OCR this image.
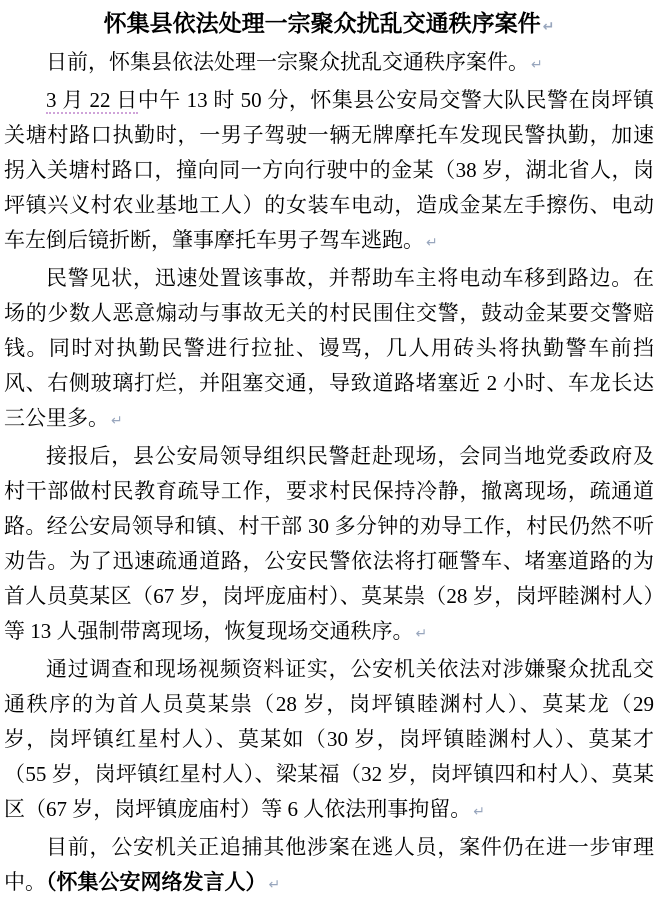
怀集县依法处理一宗聚众扰乱交通秩序案件 ↵

日前，怀集县依法处理一宗聚众扰乱交通秩序案件。 ↵

3 月 22 日中午 13 时 50 分，怀集县公安局交警大队民警在岗坪镇关塘村路口执勤时，一男子驾驶一辆无牌摩托车发现民警执勤，加速拐入关塘村路口，撞向同一方向行驶中的金某（38 岁，湖北省人，岗坪镇兴义村农业基地工人）的女装车电动，造成金某左手擦伤、电动车左倒后镜折断，肇事摩托车男子驾车逃跑。 ↵

民警见状，迅速处置该事故，并帮助车主将电动车移到路边。在场的少数人恶意煽动与事故无关的村民围住交警，鼓动金某要交警赔钱。同时对执勤民警进行拉扯、谩骂，几人用砖头将执勤警车前挡风、右侧玻璃打烂，并阻塞交通，导致道路堵塞近 2 小时、车龙长达三公里多。 ↵

接报后，县公安局领导组织民警赶赴现场，会同当地党委政府及村干部做村民教育疏导工作，要求村民保持冷静，撤离现场，疏通道路。经公安局领导和镇、村干部 30 多分钟的劝导工作，村民仍然不听劝告。为了迅速疏通道路，公安民警依法将打砸警车、堵塞道路的为首人员莫某区（67 岁，岗坪庞庙村）、莫某祟（28 岁，岗坪睦渊村人）等 13 人强制带离现场，恢复现场交通秩序。 ↵

通过调查和现场视频资料证实，公安机关依法对涉嫌聚众扰乱交通秩序的为首人员莫某祟（28 岁，岗坪镇睦渊村人）、莫某龙（29 岁，岗坪镇红星村人）、莫某如（30 岁，岗坪镇睦渊村人）、莫某才（55 岁，岗坪镇红星村人）、梁某福（32 岁，岗坪镇四和村人）、莫某区（67 岁，岗坪镇庞庙村）等 6 人依法刑事拘留。 ↵

目前，公安机关正追捕其他涉案在逃人员，案件仍在进一步审理中。（怀集公安网络发言人） ↵
